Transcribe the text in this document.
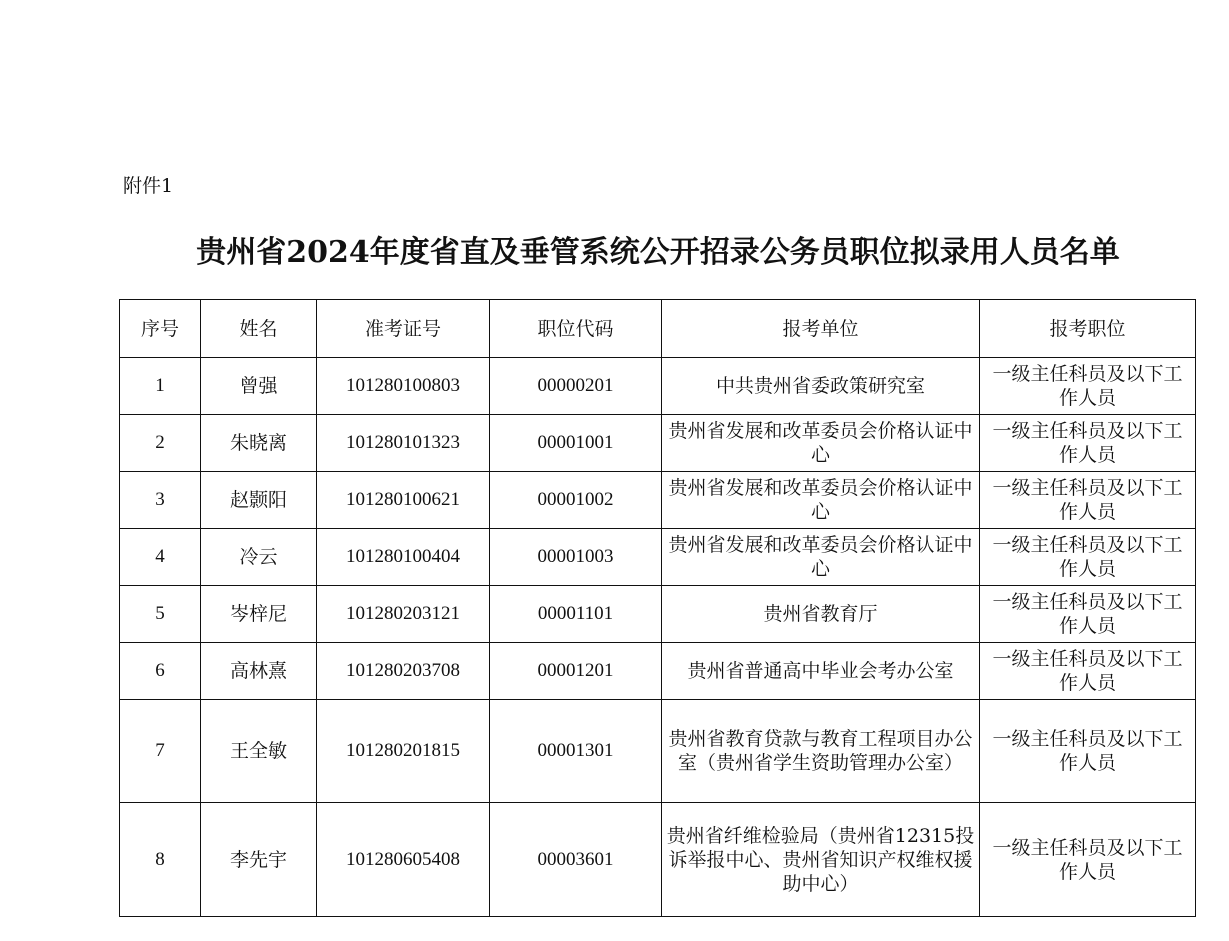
附件1
贵州省2024年度省直及垂管系统公开招录公务员职位拟录用人员名单
序号	姓名	准考证号	职位代码	报考单位	报考职位
1	曾强	101280100803	00000201	中共贵州省委政策研究室	一级主任科员及以下工作人员
2	朱晓离	101280101323	00001001	贵州省发展和改革委员会价格认证中心	一级主任科员及以下工作人员
3	赵颢阳	101280100621	00001002	贵州省发展和改革委员会价格认证中心	一级主任科员及以下工作人员
4	冷云	101280100404	00001003	贵州省发展和改革委员会价格认证中心	一级主任科员及以下工作人员
5	岑梓尼	101280203121	00001101	贵州省教育厅	一级主任科员及以下工作人员
6	高林熹	101280203708	00001201	贵州省普通高中毕业会考办公室	一级主任科员及以下工作人员
7	王全敏	101280201815	00001301	贵州省教育贷款与教育工程项目办公室（贵州省学生资助管理办公室）	一级主任科员及以下工作人员
8	李先宇	101280605408	00003601	贵州省纤维检验局（贵州省12315投诉举报中心、贵州省知识产权维权援助中心）	一级主任科员及以下工作人员
